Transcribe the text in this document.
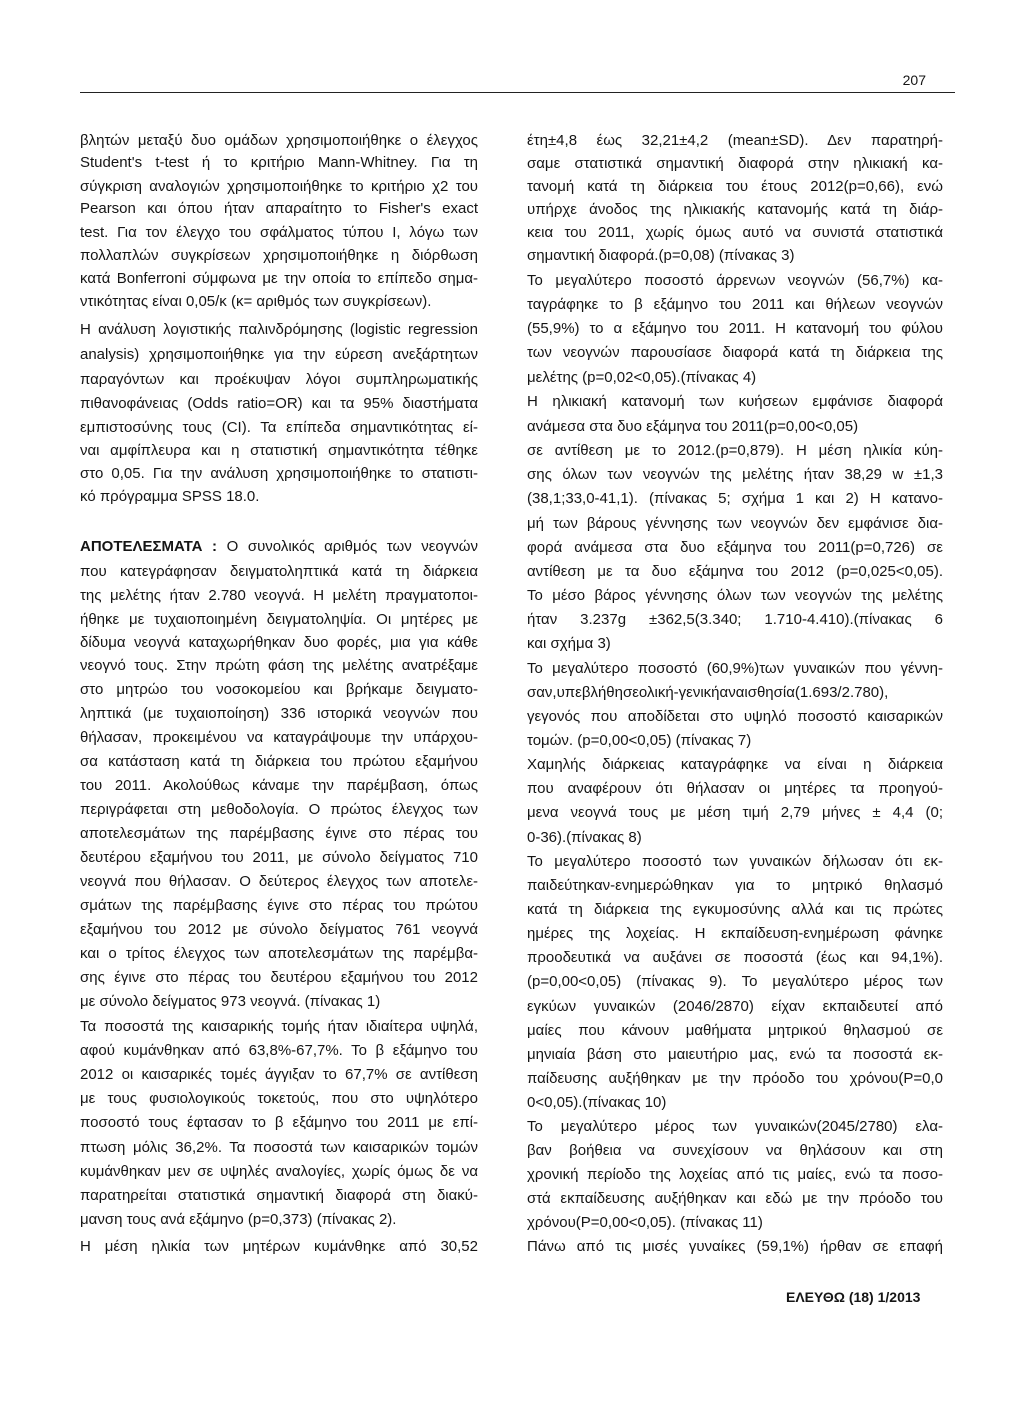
207
βλητών μεταξύ δυο ομάδων χρησιμοποιήθηκε ο έλεγχος
Student's t-test ή το κριτήριο Mann-Whitney. Για τη
σύγκριση αναλογιών χρησιμοποιήθηκε το κριτήριο χ2 του
Pearson και όπου ήταν απαραίτητο το Fisher's exact
test. Για τον έλεγχο του σφάλματος τύπου I, λόγω των
πολλαπλών συγκρίσεων χρησιμοποιήθηκε η διόρθωση
κατά Bonferroni σύμφωνα με την οποία το επίπεδο σημα-
ντικότητας είναι 0,05/κ (κ= αριθμός των συγκρίσεων).
Η ανάλυση λογιστικής παλινδρόμησης (logistic regression
analysis) χρησιμοποιήθηκε για την εύρεση ανεξάρτητων
παραγόντων και προέκυψαν λόγοι συμπληρωματικής
πιθανοφάνειας (Odds ratio=OR) και τα 95% διαστήματα
εμπιστοσύνης τους (CI). Τα επίπεδα σημαντικότητας εί-
ναι αμφίπλευρα και η στατιστική σημαντικότητα τέθηκε
στο 0,05. Για την ανάλυση χρησιμοποιήθηκε το στατιστι-
κό πρόγραμμα SPSS 18.0.
ΑΠΟΤΕΛΕΣΜΑΤΑ : Ο συνολικός αριθμός των νεογνών
που κατεγράφησαν δειγματοληπτικά κατά τη διάρκεια
της μελέτης ήταν 2.780 νεογνά. Η μελέτη πραγματοποι-
ήθηκε με τυχαιοποιημένη δειγματοληψία. Οι μητέρες με
δίδυμα νεογνά καταχωρήθηκαν δυο φορές, μια για κάθε
νεογνό τους. Στην πρώτη φάση της μελέτης ανατρέξαμε
στο μητρώο του νοσοκομείου και βρήκαμε δειγματο-
ληπτικά (με τυχαιοποίηση) 336 ιστορικά νεογνών που
θήλασαν, προκειμένου να καταγράψουμε την υπάρχου-
σα κατάσταση κατά τη διάρκεια του πρώτου εξαμήνου
του 2011. Ακολούθως κάναμε την παρέμβαση, όπως
περιγράφεται στη μεθοδολογία. Ο πρώτος έλεγχος των
αποτελεσμάτων της παρέμβασης έγινε στο πέρας του
δευτέρου εξαμήνου του 2011, με σύνολο δείγματος 710
νεογνά που θήλασαν. Ο δεύτερος έλεγχος των αποτελε-
σμάτων της παρέμβασης έγινε στο πέρας του πρώτου
εξαμήνου του 2012 με σύνολο δείγματος 761 νεογνά
και ο τρίτος έλεγχος των αποτελεσμάτων της παρέμβα-
σης έγινε στο πέρας του δευτέρου εξαμήνου του 2012
με σύνολο δείγματος 973 νεογνά. (πίνακας 1)
Τα ποσοστά της καισαρικής τομής ήταν ιδιαίτερα υψηλά,
αφού κυμάνθηκαν από 63,8%-67,7%. Το β εξάμηνο του
2012 οι καισαρικές τομές άγγιξαν το 67,7% σε αντίθεση
με τους φυσιολογικούς τοκετούς, που στο υψηλότερο
ποσοστό τους έφτασαν το β εξάμηνο του 2011 με επί-
πτωση μόλις 36,2%. Τα ποσοστά των καισαρικών τομών
κυμάνθηκαν μεν σε υψηλές αναλογίες, χωρίς όμως δε να
παρατηρείται στατιστικά σημαντική διαφορά στη διακύ-
μανση τους ανά εξάμηνο (p=0,373) (πίνακας 2).
Η μέση ηλικία των μητέρων κυμάνθηκε από 30,52
έτη±4,8 έως 32,21±4,2 (mean±SD). Δεν παρατηρή-
σαμε στατιστικά σημαντική διαφορά στην ηλικιακή κα-
τανομή κατά τη διάρκεια του έτους 2012(p=0,66), ενώ
υπήρχε άνοδος της ηλικιακής κατανομής κατά τη διάρ-
κεια του 2011, χωρίς όμως αυτό να συνιστά στατιστικά
σημαντική διαφορά.(p=0,08) (πίνακας 3)
Το μεγαλύτερο ποσοστό άρρενων νεογνών (56,7%) κα-
ταγράφηκε το β εξάμηνο του 2011 και θήλεων νεογνών
(55,9%) το α εξάμηνο του 2011. Η κατανομή του φύλου
των νεογνών παρουσίασε διαφορά κατά τη διάρκεια της
μελέτης (p=0,02<0,05).(πίνακας 4)
Η ηλικιακή κατανομή των κυήσεων εμφάνισε διαφορά
ανάμεσα στα δυο εξάμηνα του 2011(p=0,00<0,05)
σε αντίθεση με το 2012.(p=0,879). Η μέση ηλικία κύη-
σης όλων των νεογνών της μελέτης ήταν 38,29 w ±1,3
(38,1;33,0-41,1). (πίνακας 5; σχήμα 1 και 2) Η κατανο-
μή των βάρους γέννησης των νεογνών δεν εμφάνισε δια-
φορά ανάμεσα στα δυο εξάμηνα του 2011(p=0,726) σε
αντίθεση με τα δυο εξάμηνα του 2012 (p=0,025<0,05).
Το μέσο βάρος γέννησης όλων των νεογνών της μελέτης
ήταν 3.237g ±362,5(3.340; 1.710-4.410).(πίνακας 6
και σχήμα 3)
Το μεγαλύτερο ποσοστό (60,9%)των γυναικών που γέννη-
σαν,υπεβλήθησεολική-γενικήαναισθησία(1.693/2.780),
γεγονός που αποδίδεται στο υψηλό ποσοστό καισαρικών
τομών. (p=0,00<0,05) (πίνακας 7)
Χαμηλής διάρκειας καταγράφηκε να είναι η διάρκεια
που αναφέρουν ότι θήλασαν οι μητέρες τα προηγού-
μενα νεογνά τους με μέση τιμή 2,79 μήνες ± 4,4 (0;
0-36).(πίνακας 8)
Το μεγαλύτερο ποσοστό των γυναικών δήλωσαν ότι εκ-
παιδεύτηκαν-ενημερώθηκαν για το μητρικό θηλασμό
κατά τη διάρκεια της εγκυμοσύνης αλλά και τις πρώτες
ημέρες της λοχείας. Η εκπαίδευση-ενημέρωση φάνηκε
προοδευτικά να αυξάνει σε ποσοστά (έως και 94,1%).
(p=0,00<0,05) (πίνακας 9). Το μεγαλύτερο μέρος των
εγκύων γυναικών (2046/2870) είχαν εκπαιδευτεί από
μαίες που κάνουν μαθήματα μητρικού θηλασμού σε
μηνιαία βάση στο μαιευτήριο μας, ενώ τα ποσοστά εκ-
παίδευσης αυξήθηκαν με την πρόοδο του χρόνου(P=0,0
0<0,05).(πίνακας 10)
Το μεγαλύτερο μέρος των γυναικών(2045/2780) ελα-
βαν βοήθεια να συνεχίσουν να θηλάσουν και στη
χρονική περίοδο της λοχείας από τις μαίες, ενώ τα ποσο-
στά εκπαίδευσης αυξήθηκαν και εδώ με την πρόοδο του
χρόνου(P=0,00<0,05). (πίνακας 11)
Πάνω από τις μισές γυναίκες (59,1%) ήρθαν σε επαφή
ΕΛΕΥΘΩ (18) 1/2013
